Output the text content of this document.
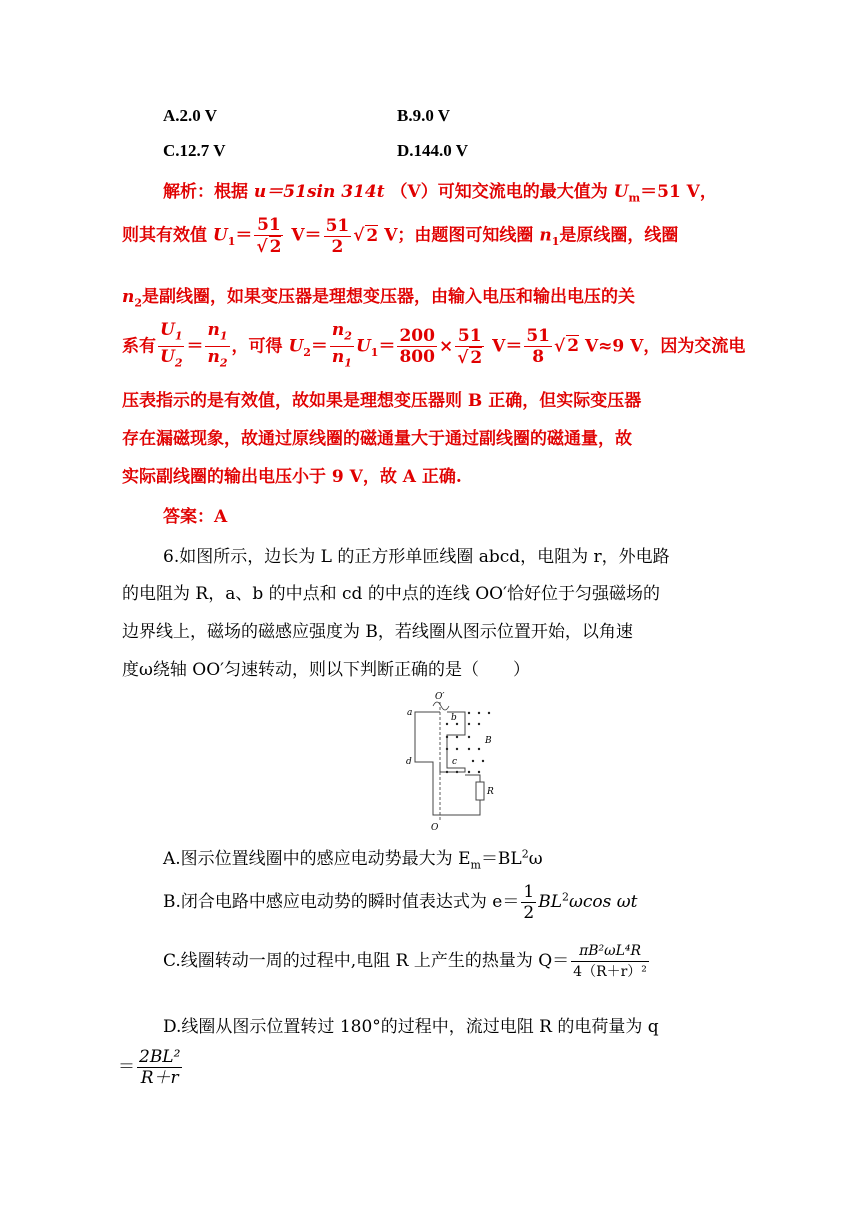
A.2.0 V	B.9.0 V
C.12.7 V	D.144.0 V
解析：根据 u＝51sin 314t （V）可知交流电的最大值为 $U_m=51$ V，
则其有效值 $U_1= \frac{51}{√ 2} V= \frac{51}{2}$ √ 2 V；由题图可知线圈 $n_1$是原线圈，线圈
$n_2$是副线圈，如果变压器是理想变压器，由输入电压和输出电压的关
系有 $\frac{U_1}{U_2} = \frac{n_1}{n_2}$ ，可得 $U_2= \frac{n_2}{n_1} U_1= \frac{200}{800} \times \frac{51}{√ 2} V= \frac{51}{8}$ √ 2 V≈9 V，因为交流电
压表指示的是有效值，故如果是理想变压器则 B 正确，但实际变压器
存在漏磁现象，故通过原线圈的磁通量大于通过副线圈的磁通量，故
实际副线圈的输出电压小于 9 V，故 A 正确.
答案：A
6.如图所示，边长为 L 的正方形单匝线圈 abcd，电阻为 r，外电路
的电阻为 R，a、b 的中点和 cd 的中点的连线 OO′恰好位于匀强磁场的
边界线上，磁场的磁感应强度为 B，若线圈从图示位置开始，以角速
度ω绕轴 OO′匀速转动，则以下判断正确的是（　　）
O′
a	b
B
c
d
R
O
A.图示位置线圈中的感应电动势最大为 $E_m=BL^2\omega$
B.闭合电路中感应电动势的瞬时值表达式为 $e= \frac{1}{2} BL^2\omega\cos$ ωt
C.线圈转动一周的过程中,电阻 R 上产生的热量为 $Q= \frac{\text{πB²ωL⁴R}}{\text{4（R＋r）²}}$
D.线圈从图示位置转过 180°的过程中，流过电阻 R 的电荷量为 q
＝ $\frac{\text{2BL²}}{R+r}$
